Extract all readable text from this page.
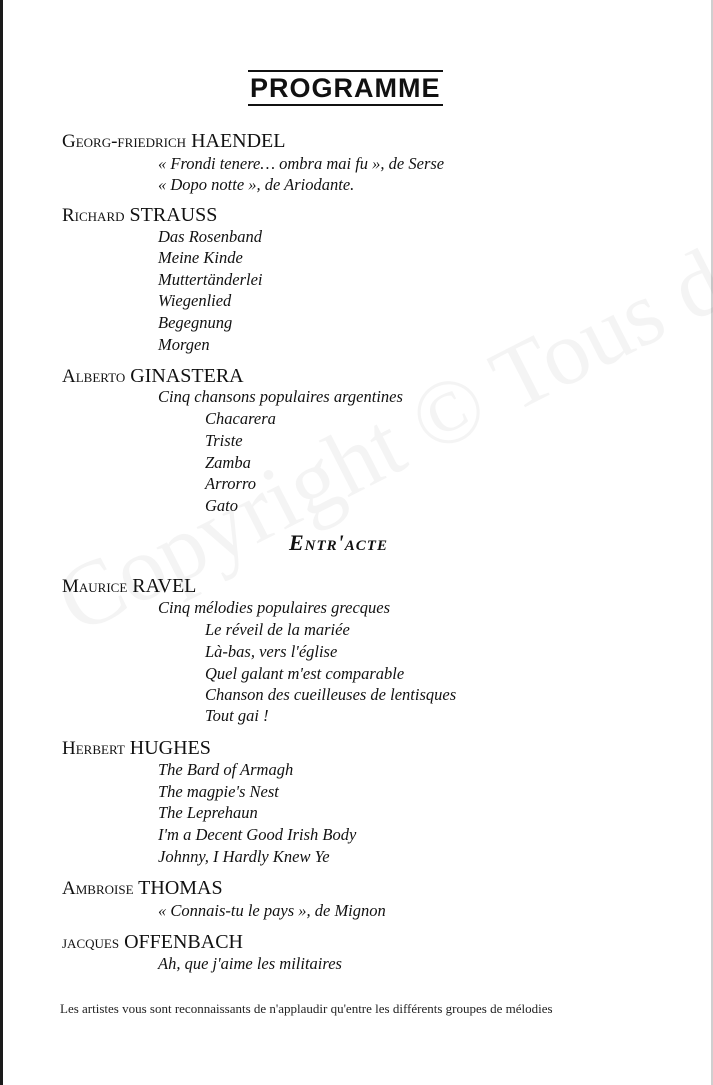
PROGRAMME
Georg-friedrich HAENDEL
« Frondi tenere… ombra mai fu », de Serse
« Dopo notte », de Ariodante.
Richard STRAUSS
Das Rosenband
Meine Kinde
Muttertänderlei
Wiegenlied
Begegnung
Morgen
Alberto GINASTERA
Cinq chansons populaires argentines
Chacarera
Triste
Zamba
Arrorro
Gato
Entr'acte
Maurice RAVEL
Cinq mélodies populaires grecques
Le réveil de la mariée
Là-bas, vers l'église
Quel galant m'est comparable
Chanson des cueilleuses de lentisques
Tout gai !
Herbert HUGHES
The Bard of Armagh
The magpie's Nest
The Leprehaun
I'm a Decent Good Irish Body
Johnny, I Hardly Knew Ye
Ambroise THOMAS
« Connais-tu le pays », de Mignon
jacques OFFENBACH
Ah, que j'aime les militaires
Les artistes vous sont reconnaissants de n'applaudir qu'entre les différents groupes de mélodies
